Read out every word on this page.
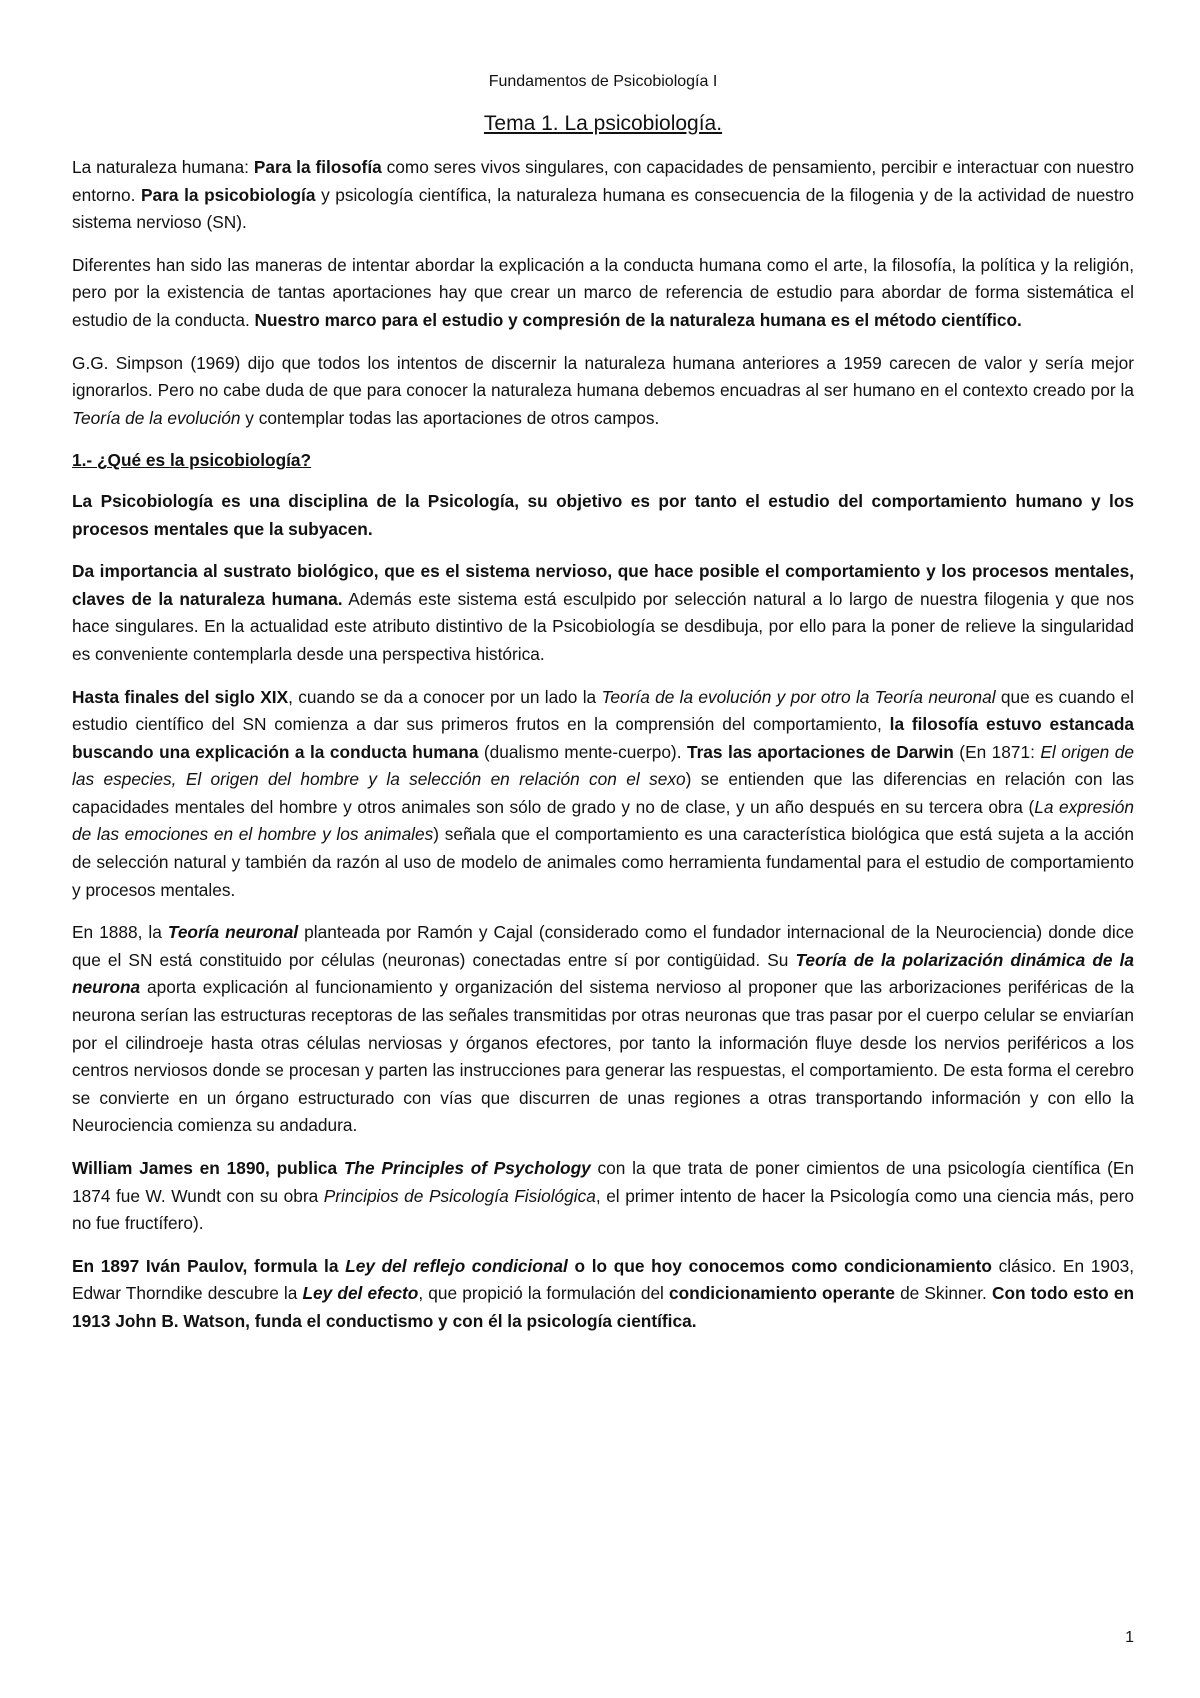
Fundamentos de Psicobiología I
Tema 1. La psicobiología.

La naturaleza humana: Para la filosofía como seres vivos singulares, con capacidades de pensamiento, percibir e interactuar con nuestro entorno. Para la psicobiología y psicología científica, la naturaleza humana es consecuencia de la filogenia y de la actividad de nuestro sistema nervioso (SN).

Diferentes han sido las maneras de intentar abordar la explicación a la conducta humana como el arte, la filosofía, la política y la religión, pero por la existencia de tantas aportaciones hay que crear un marco de referencia de estudio para abordar de forma sistemática el estudio de la conducta. Nuestro marco para el estudio y compresión de la naturaleza humana es el método científico.

G.G. Simpson (1969) dijo que todos los intentos de discernir la naturaleza humana anteriores a 1959 carecen de valor y sería mejor ignorarlos. Pero no cabe duda de que para conocer la naturaleza humana debemos encuadras al ser humano en el contexto creado por la Teoría de la evolución y contemplar todas las aportaciones de otros campos.

1.- ¿Qué es la psicobiología?

La Psicobiología es una disciplina de la Psicología, su objetivo es por tanto el estudio del comportamiento humano y los procesos mentales que la subyacen.

Da importancia al sustrato biológico, que es el sistema nervioso, que hace posible el comportamiento y los procesos mentales, claves de la naturaleza humana. Además este sistema está esculpido por selección natural a lo largo de nuestra filogenia y que nos hace singulares. En la actualidad este atributo distintivo de la Psicobiología se desdibuja, por ello para la poner de relieve la singularidad es conveniente contemplarla desde una perspectiva histórica.

Hasta finales del siglo XIX, cuando se da a conocer por un lado la Teoría de la evolución y por otro la Teoría neuronal que es cuando el estudio científico del SN comienza a dar sus primeros frutos en la comprensión del comportamiento, la filosofía estuvo estancada buscando una explicación a la conducta humana (dualismo mente-cuerpo). Tras las aportaciones de Darwin (En 1871: El origen de las especies, El origen del hombre y la selección en relación con el sexo) se entienden que las diferencias en relación con las capacidades mentales del hombre y otros animales son sólo de grado y no de clase, y un año después en su tercera obra (La expresión de las emociones en el hombre y los animales) señala que el comportamiento es una característica biológica que está sujeta a la acción de selección natural y también da razón al uso de modelo de animales como herramienta fundamental para el estudio de comportamiento y procesos mentales.

En 1888, la Teoría neuronal planteada por Ramón y Cajal (considerado como el fundador internacional de la Neurociencia) donde dice que el SN está constituido por células (neuronas) conectadas entre sí por contigüidad. Su Teoría de la polarización dinámica de la neurona aporta explicación al funcionamiento y organización del sistema nervioso al proponer que las arborizaciones periféricas de la neurona serían las estructuras receptoras de las señales transmitidas por otras neuronas que tras pasar por el cuerpo celular se enviarían por el cilindroeje hasta otras células nerviosas y órganos efectores, por tanto la información fluye desde los nervios periféricos a los centros nerviosos donde se procesan y parten las instrucciones para generar las respuestas, el comportamiento. De esta forma el cerebro se convierte en un órgano estructurado con vías que discurren de unas regiones a otras transportando información y con ello la Neurociencia comienza su andadura.

William James en 1890, publica The Principles of Psychology con la que trata de poner cimientos de una psicología científica (En 1874 fue W. Wundt con su obra Principios de Psicología Fisiológica, el primer intento de hacer la Psicología como una ciencia más, pero no fue fructífero).

En 1897 Iván Paulov, formula la Ley del reflejo condicional o lo que hoy conocemos como condicionamiento clásico. En 1903, Edwar Thorndike descubre la Ley del efecto, que propició la formulación del condicionamiento operante de Skinner. Con todo esto en 1913 John B. Watson, funda el conductismo y con él la psicología científica.

1
